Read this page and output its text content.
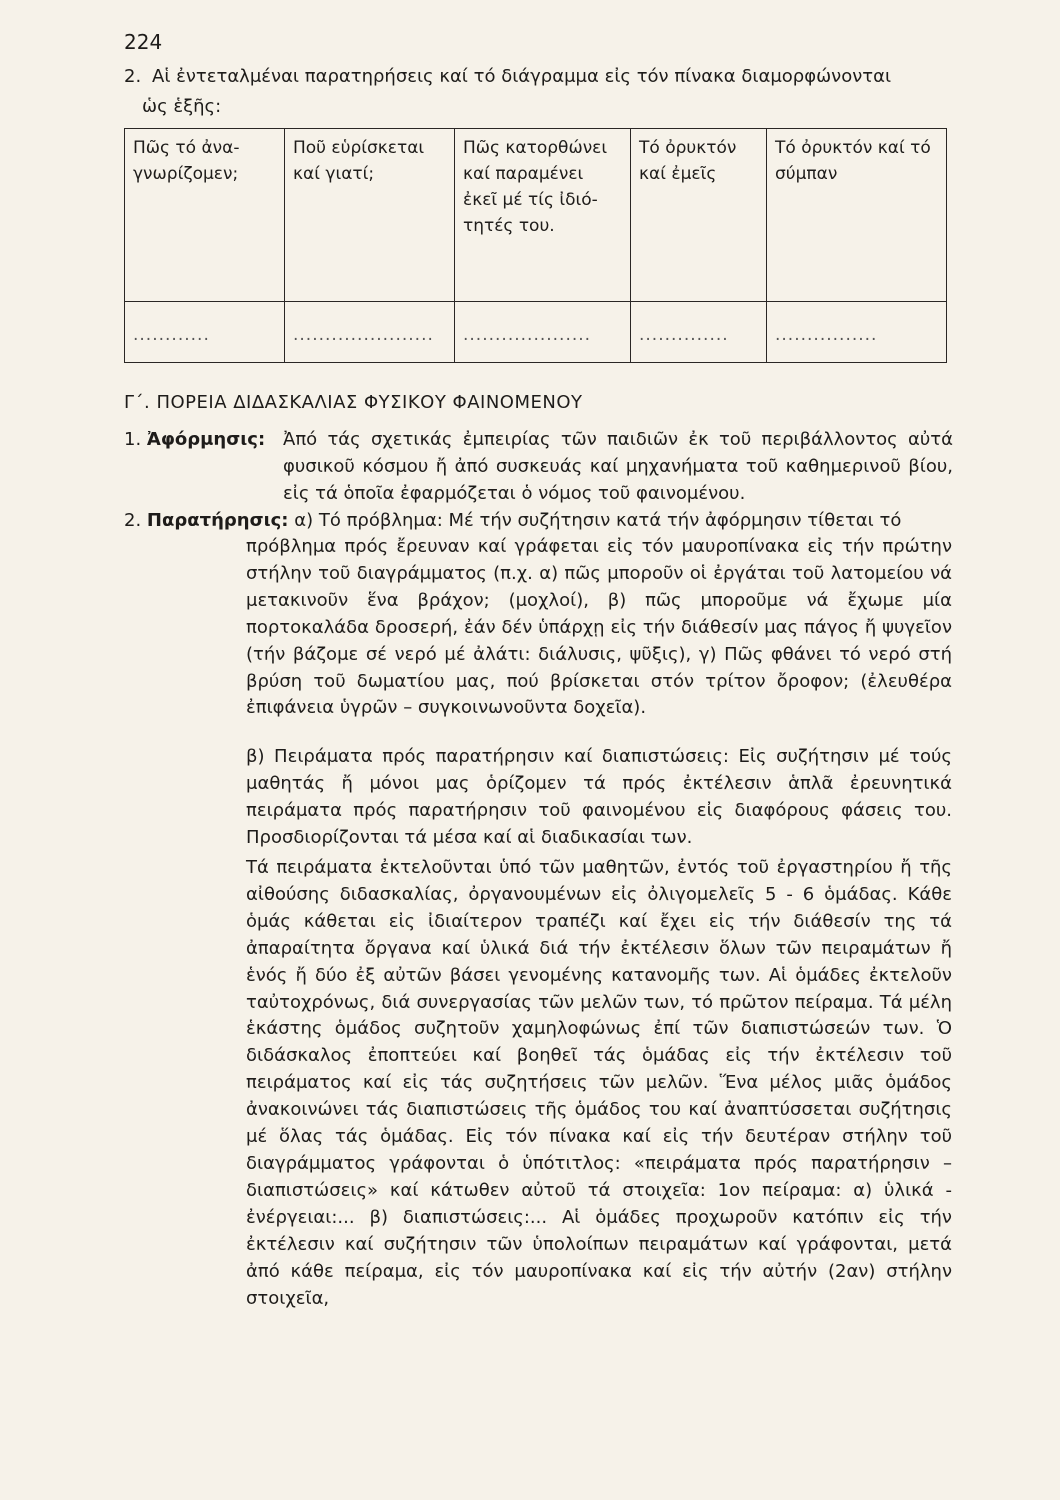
224
2. Αἱ ἐντεταλμέναι παρατηρήσεις καί τό διάγραμμα εἰς τόν πίνακα διαμορφώνονται
ὡς ἑξῆς:
Πῶς τό ἀνα-γνωρίζομεν;	Ποῦ εὑρίσκεται καί γιατί;	Πῶς κατορθώνει καί παραμένει ἐκεῖ μέ τίς ἰδιό-τητές του.	Τό ὀρυκτόν καί ἐμεῖς	Τό ὀρυκτόν καί τό σύμπαν
............	......................	....................	..............	................
Γ΄. ΠΟΡΕΙΑ ΔΙΔΑΣΚΑΛΙΑΣ ΦΥΣΙΚΟΥ ΦΑΙΝΟΜΕΝΟΥ
1. Ἀφόρμησις: Ἀπό τάς σχετικάς ἐμπειρίας τῶν παιδιῶν ἐκ τοῦ περιβάλλοντος αὐτά φυσικοῦ κόσμου ἤ ἀπό συσκευάς καί μηχανήματα τοῦ καθημερινοῦ βίου, εἰς τά ὁποῖα ἐφαρμόζεται ὁ νόμος τοῦ φαινομένου.
2. Παρατήρησις: α) Τό πρόβλημα: Μέ τήν συζήτησιν κατά τήν ἀφόρμησιν τίθεται τό
πρόβλημα πρός ἔρευναν καί γράφεται εἰς τόν μαυροπίνακα εἰς τήν πρώτην στήλην τοῦ διαγράμματος (π.χ. α) πῶς μποροῦν οἱ ἐργάται τοῦ λατομείου νά μετακινοῦν ἕνα βράχον; (μοχλοί), β) πῶς μποροῦμε νά ἔχωμε μία πορτοκαλάδα δροσερή, ἐάν δέν ὑπάρχῃ εἰς τήν διάθεσίν μας πάγος ἤ ψυγεῖον (τήν βάζομε σέ νερό μέ ἀλάτι: διάλυσις, ψῦξις), γ) Πῶς φθάνει τό νερό στή βρύση τοῦ δωματίου μας, πού βρίσκεται στόν τρίτον ὄροφον; (ἐλευθέρα ἐπιφάνεια ὑγρῶν – συγκοινωνοῦντα δοχεῖα).
β) Πειράματα πρός παρατήρησιν καί διαπιστώσεις: Εἰς συζήτησιν μέ τούς μαθητάς ἤ μόνοι μας ὁρίζομεν τά πρός ἐκτέλεσιν ἁπλᾶ ἐρευνητικά πειράματα πρός παρατήρησιν τοῦ φαινομένου εἰς διαφόρους φάσεις του. Προσδιορίζονται τά μέσα καί αἱ διαδικασίαι των.
Τά πειράματα ἐκτελοῦνται ὑπό τῶν μαθητῶν, ἐντός τοῦ ἐργαστηρίου ἤ τῆς αἰθούσης διδασκαλίας, ὀργανουμένων εἰς ὀλιγομελεῖς 5 - 6 ὁμάδας. Κάθε ὁμάς κάθεται εἰς ἰδιαίτερον τραπέζι καί ἔχει εἰς τήν διάθεσίν της τά ἀπαραίτητα ὄργανα καί ὑλικά διά τήν ἐκτέλεσιν ὅλων τῶν πειραμάτων ἤ ἑνός ἤ δύο ἐξ αὐτῶν βάσει γενομένης κατανομῆς των. Αἱ ὁμάδες ἐκτελοῦν ταὐτοχρόνως, διά συνεργασίας τῶν μελῶν των, τό πρῶτον πείραμα. Τά μέλη ἑκάστης ὁμάδος συζητοῦν χαμηλοφώνως ἐπί τῶν διαπιστώσεών των. Ὁ διδάσκαλος ἐποπτεύει καί βοηθεῖ τάς ὁμάδας εἰς τήν ἐκτέλεσιν τοῦ πειράματος καί εἰς τάς συζητήσεις τῶν μελῶν. Ἕνα μέλος μιᾶς ὁμάδος ἀνακοινώνει τάς διαπιστώσεις τῆς ὁμάδος του καί ἀναπτύσσεται συζήτησις μέ ὅλας τάς ὁμάδας. Εἰς τόν πίνακα καί εἰς τήν δευτέραν στήλην τοῦ διαγράμματος γράφονται ὁ ὑπότιτλος: «πειράματα πρός παρατήρησιν – διαπιστώσεις» καί κάτωθεν αὐτοῦ τά στοιχεῖα: 1ον πείραμα: α) ὑλικά - ἐνέργειαι:... β) διαπιστώσεις:... Αἱ ὁμάδες προχωροῦν κατόπιν εἰς τήν ἐκτέλεσιν καί συζήτησιν τῶν ὑπολοίπων πειραμάτων καί γράφονται, μετά ἀπό κάθε πείραμα, εἰς τόν μαυροπίνακα καί εἰς τήν αὐτήν (2αν) στήλην στοιχεῖα,
